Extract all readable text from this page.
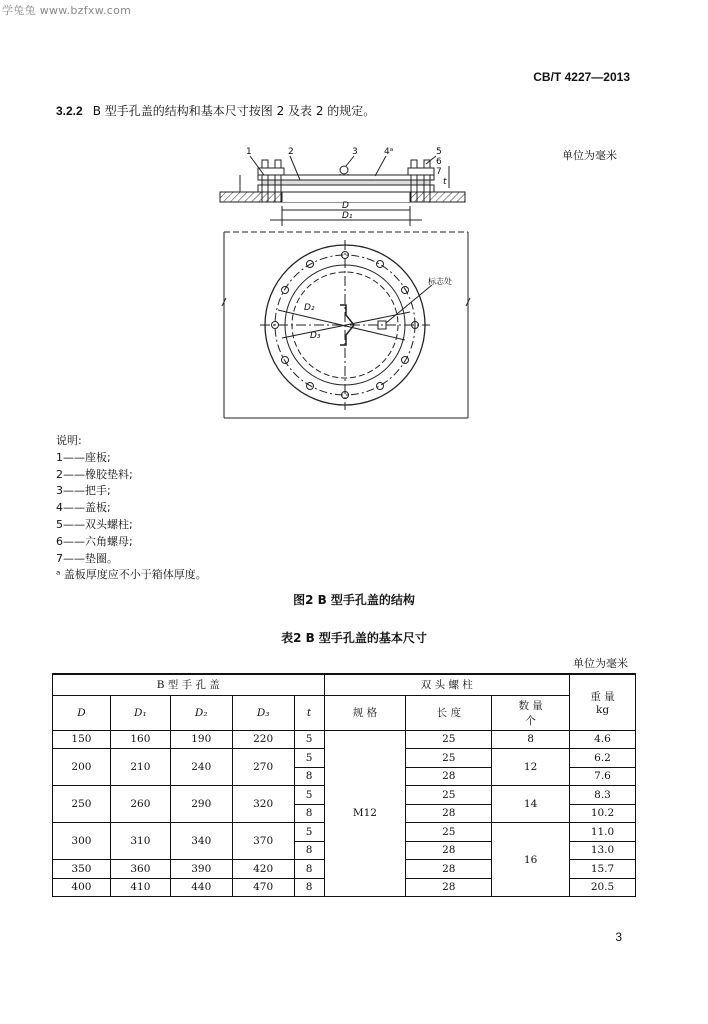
学兔兔 www.bzfxw.com
CB/T 4227—2013
3.2.2 B 型手孔盖的结构和基本尺寸按图 2 及表 2 的规定。
单位为毫米
1	2	3	4ᵃ	5
6
7
D
D₁
D₂
D₃
t
标志处
说明:
1——座板;
2——橡胶垫料;
3——把手;
4——盖板;
5——双头螺柱;
6——六角螺母;
7——垫圈。
ᵃ 盖板厚度应不小于箱体厚度。
图2 B 型手孔盖的结构
表2 B 型手孔盖的基本尺寸
单位为毫米
B 型 手 孔 盖					双 头 螺 柱			重 量
kg

D	D₁	D₂	D₃	t	规 格	长 度	数 量
个	

150	160	190	220	5	M12	25	8	4.6
200	210	240	270	5		25	12	6.2
				8		28		7.6
250	260	290	320	5		25	14	8.3
				8		28		10.2
300	310	340	370	5		25	16	11.0
				8		28		13.0
350	360	390	420	8		28		15.7
400	410	440	470	8		28		20.5
3
